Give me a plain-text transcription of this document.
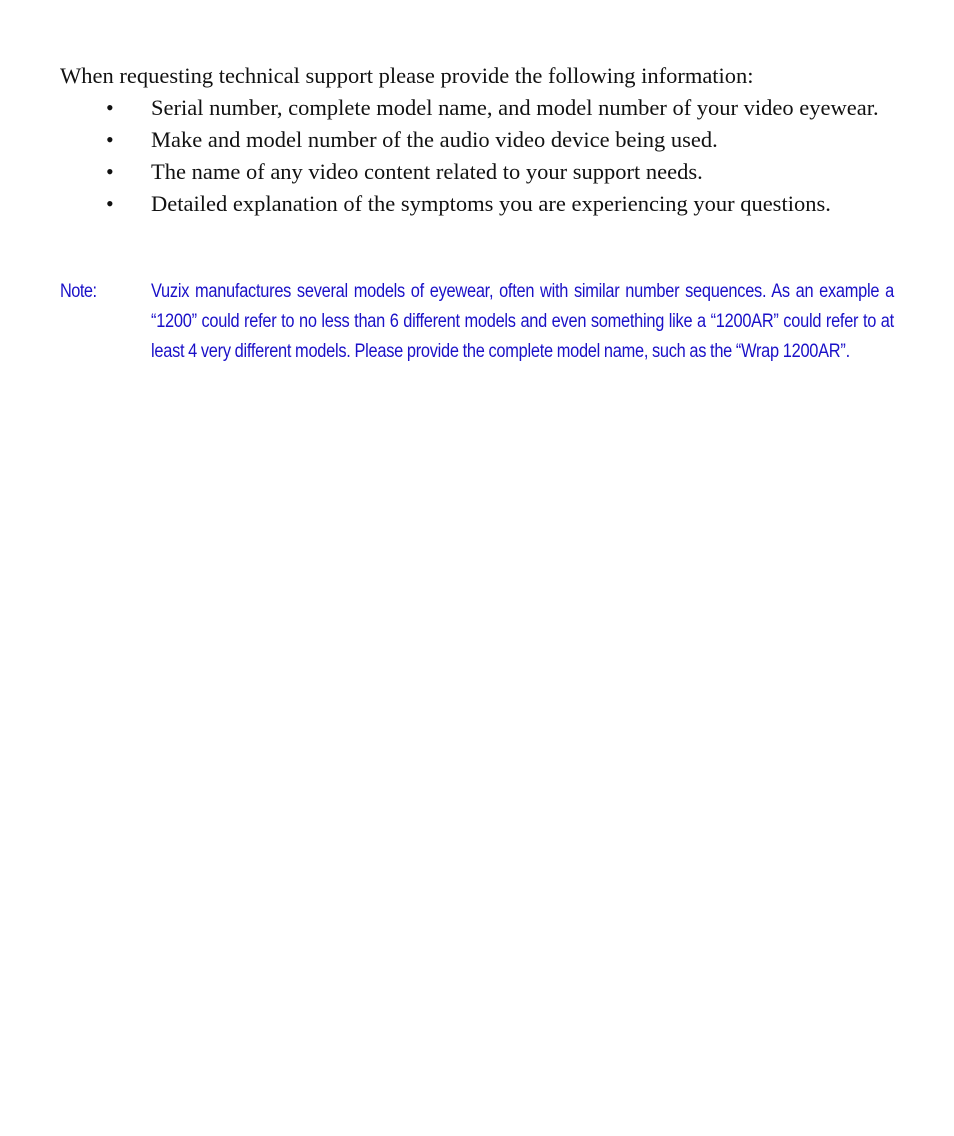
When requesting technical support please provide the following information:

• Serial number, complete model name, and model number of your video eyewear.
• Make and model number of the audio video device being used.
• The name of any video content related to your support needs.
• Detailed explanation of the symptoms you are experiencing your questions.
Note:	Vuzix manufactures several models of eyewear, often with similar number sequences. As an example a “1200” could refer to no less than 6 different models and even something like a “1200AR” could refer to at least 4 very different models. Please provide the complete model name, such as the “Wrap 1200AR”.
